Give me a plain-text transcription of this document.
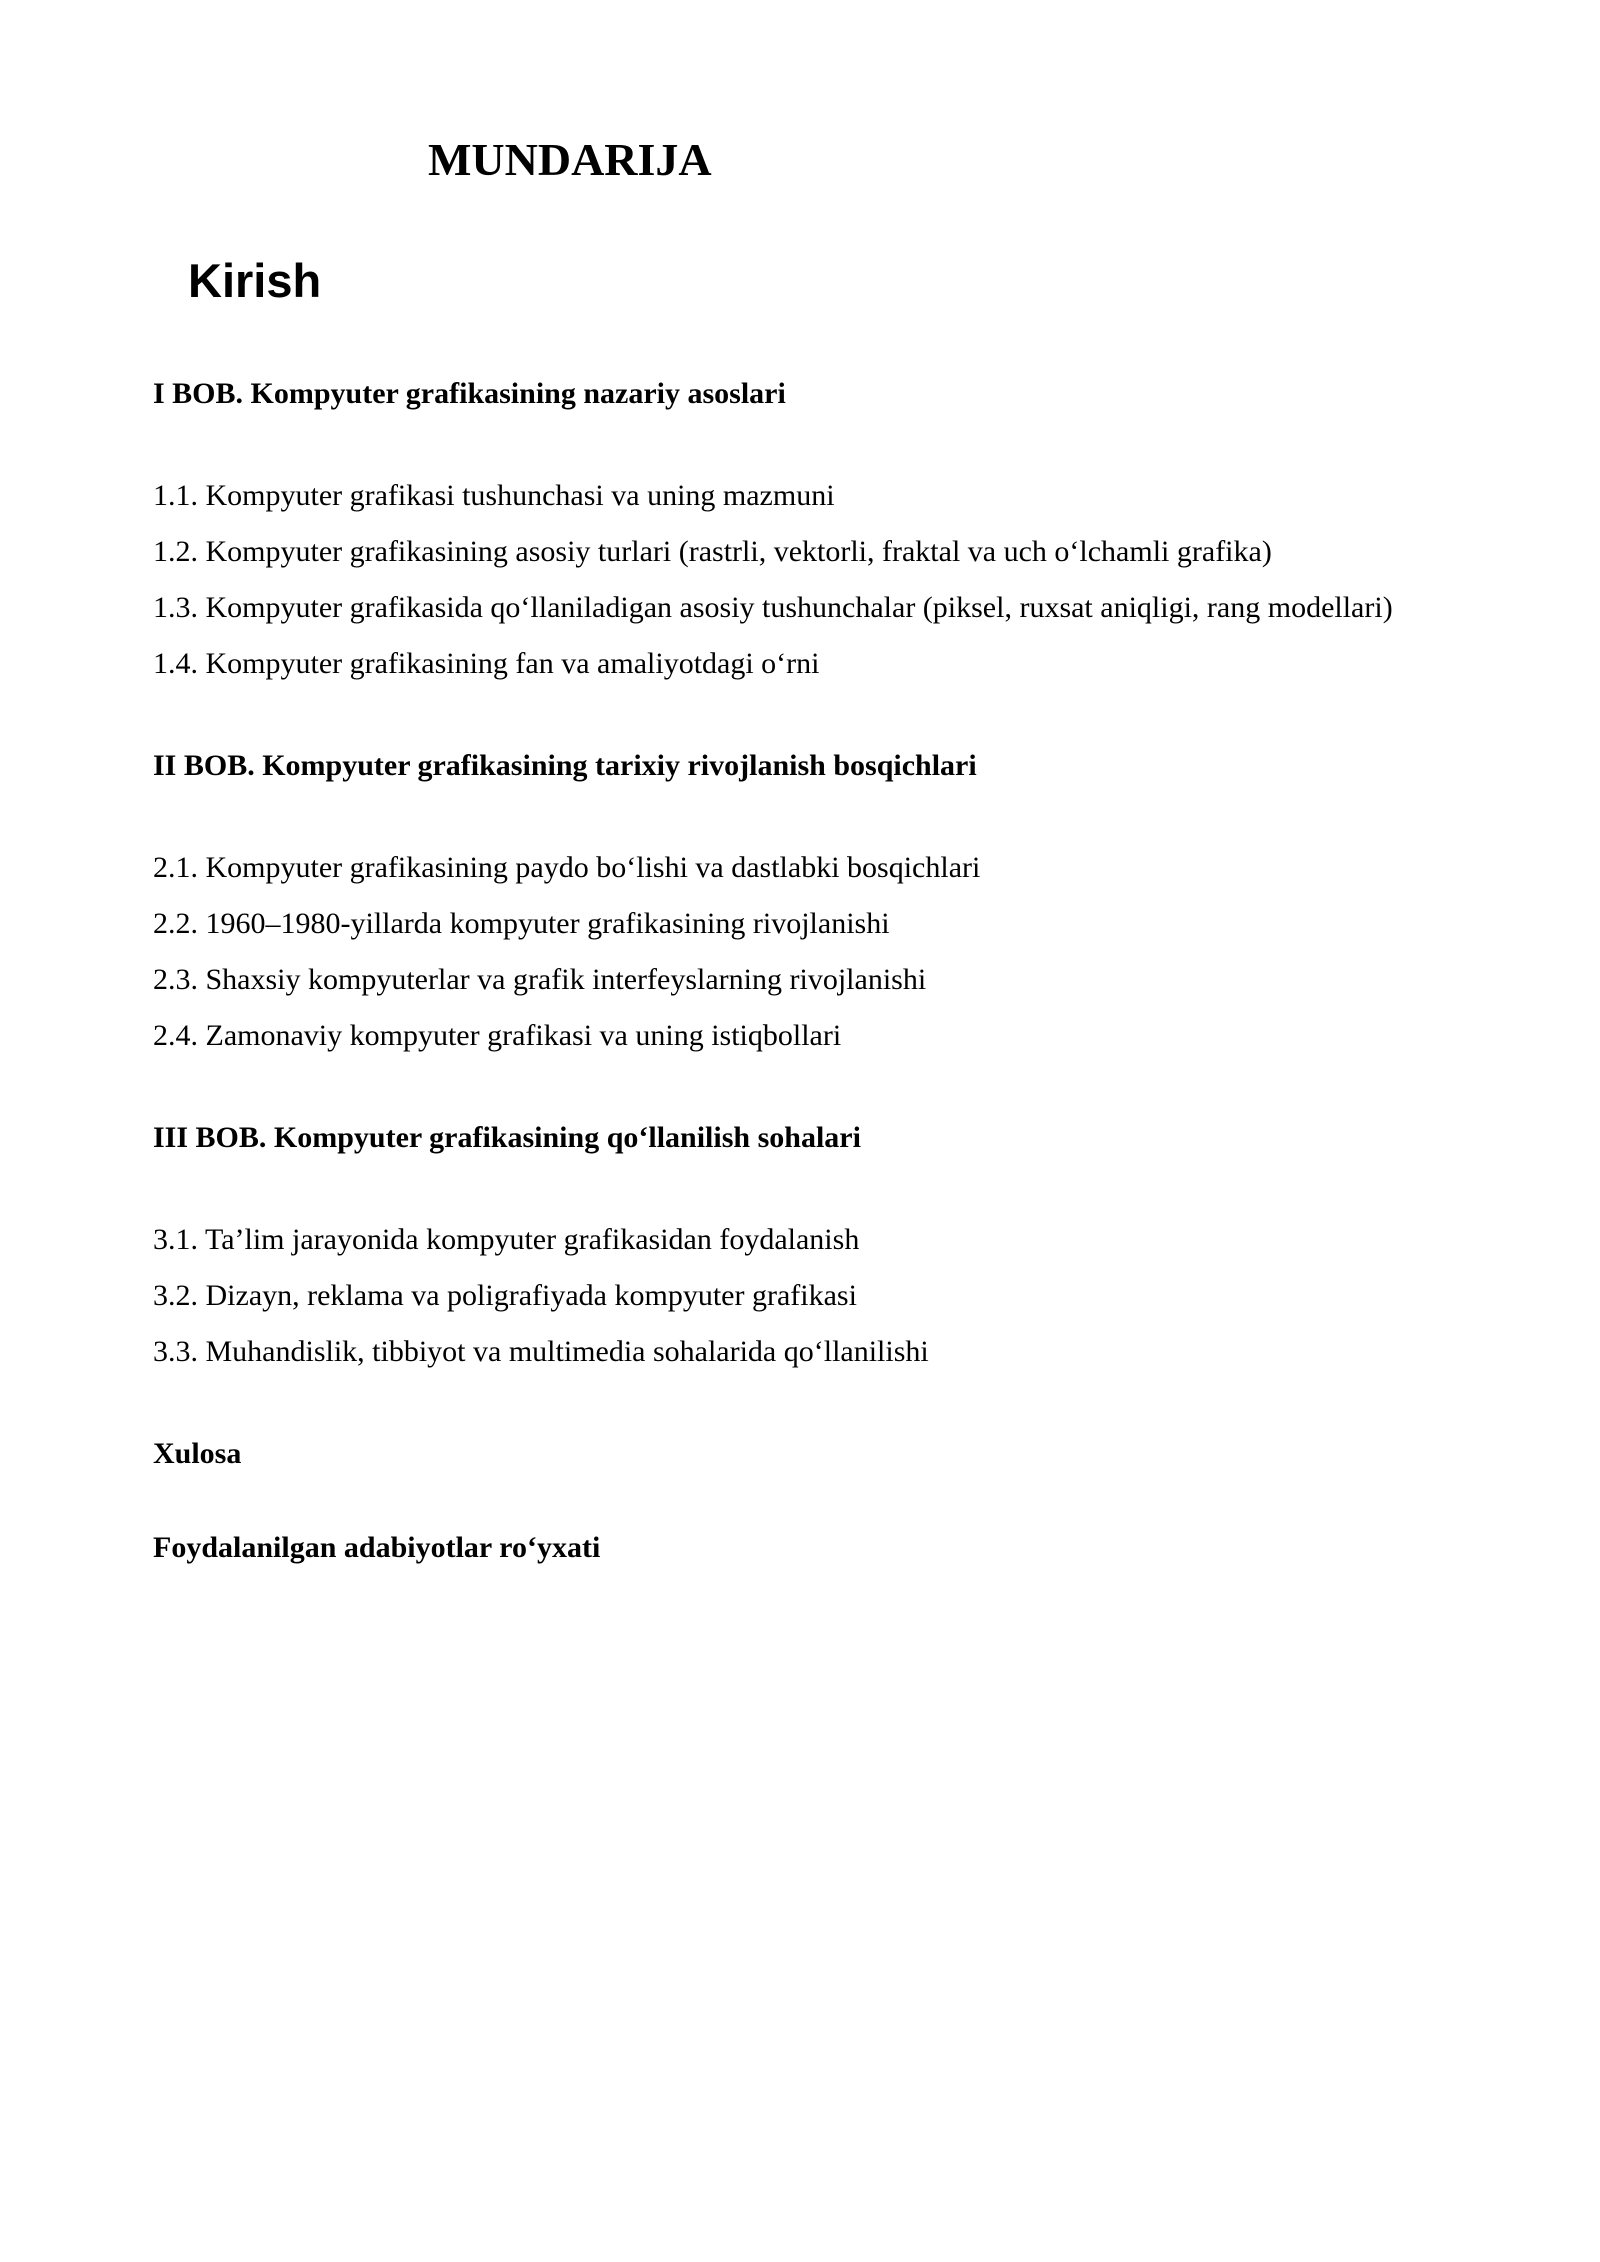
MUNDARIJA
Kirish
I BOB. Kompyuter grafikasining nazariy asoslari
1.1. Kompyuter grafikasi tushunchasi va uning mazmuni
1.2. Kompyuter grafikasining asosiy turlari (rastrli, vektorli, fraktal va uch o‘lchamli grafika)
1.3. Kompyuter grafikasida qo‘llaniladigan asosiy tushunchalar (piksel, ruxsat aniqligi, rang modellari)
1.4. Kompyuter grafikasining fan va amaliyotdagi o‘rni
II BOB. Kompyuter grafikasining tarixiy rivojlanish bosqichlari
2.1. Kompyuter grafikasining paydo bo‘lishi va dastlabki bosqichlari
2.2. 1960–1980-yillarda kompyuter grafikasining rivojlanishi
2.3. Shaxsiy kompyuterlar va grafik interfeyslarning rivojlanishi
2.4. Zamonaviy kompyuter grafikasi va uning istiqbollari
III BOB. Kompyuter grafikasining qo‘llanilish sohalari
3.1. Ta’lim jarayonida kompyuter grafikasidan foydalanish
3.2. Dizayn, reklama va poligrafiyada kompyuter grafikasi
3.3. Muhandislik, tibbiyot va multimedia sohalarida qo‘llanilishi
Xulosa
Foydalanilgan adabiyotlar ro‘yxati
